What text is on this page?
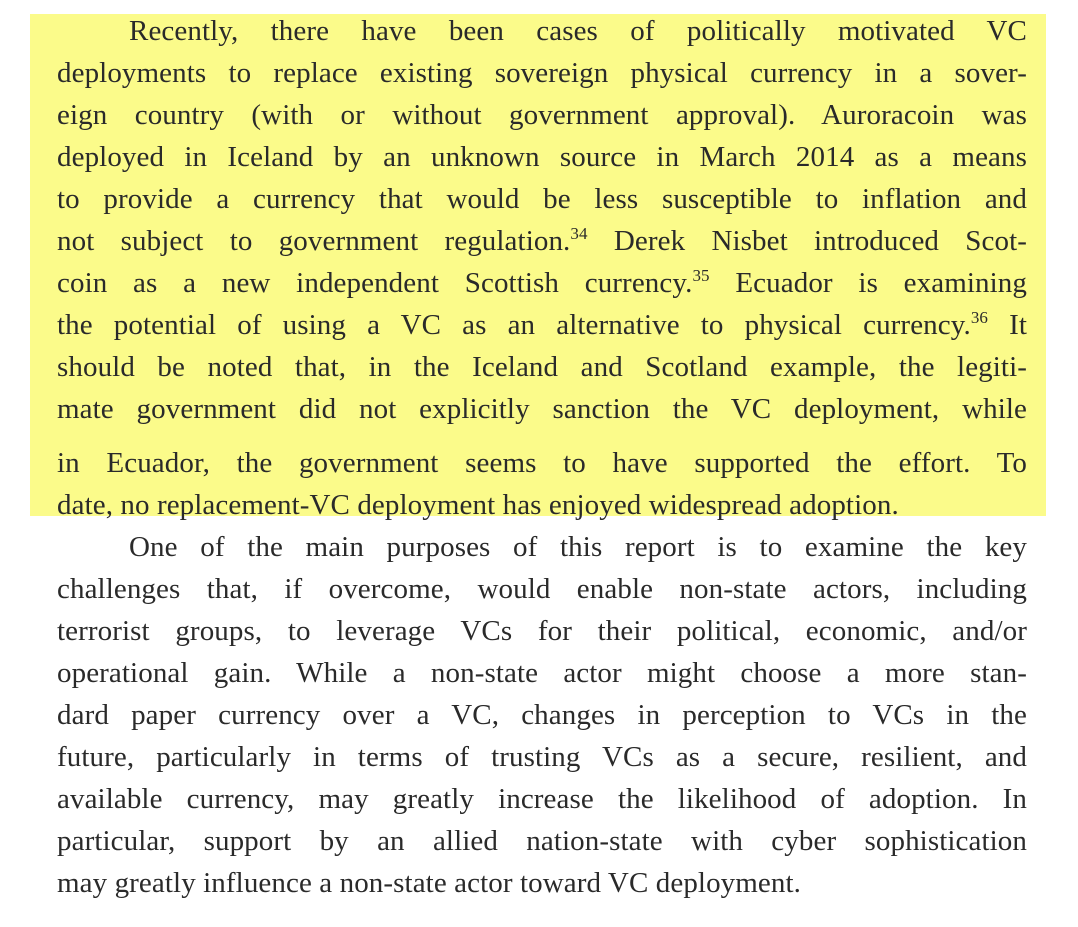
Recently, there have been cases of politically motivated VC
deployments to replace existing sovereign physical currency in a sover-
eign country (with or without government approval). Auroracoin was
deployed in Iceland by an unknown source in March 2014 as a means
to provide a currency that would be less susceptible to inflation and
not subject to government regulation.$^{34}$ Derek Nisbet introduced Scot-
coin as a new independent Scottish currency.$^{35}$ Ecuador is examining
the potential of using a VC as an alternative to physical currency.$^{36}$ It
should be noted that, in the Iceland and Scotland example, the legiti-
mate government did not explicitly sanction the VC deployment, while
in Ecuador, the government seems to have supported the effort. To
date, no replacement-VC deployment has enjoyed widespread adoption.
One of the main purposes of this report is to examine the key
challenges that, if overcome, would enable non-state actors, including
terrorist groups, to leverage VCs for their political, economic, and/or
operational gain. While a non-state actor might choose a more stan-
dard paper currency over a VC, changes in perception to VCs in the
future, particularly in terms of trusting VCs as a secure, resilient, and
available currency, may greatly increase the likelihood of adoption. In
particular, support by an allied nation-state with cyber sophistication
may greatly influence a non-state actor toward VC deployment.
